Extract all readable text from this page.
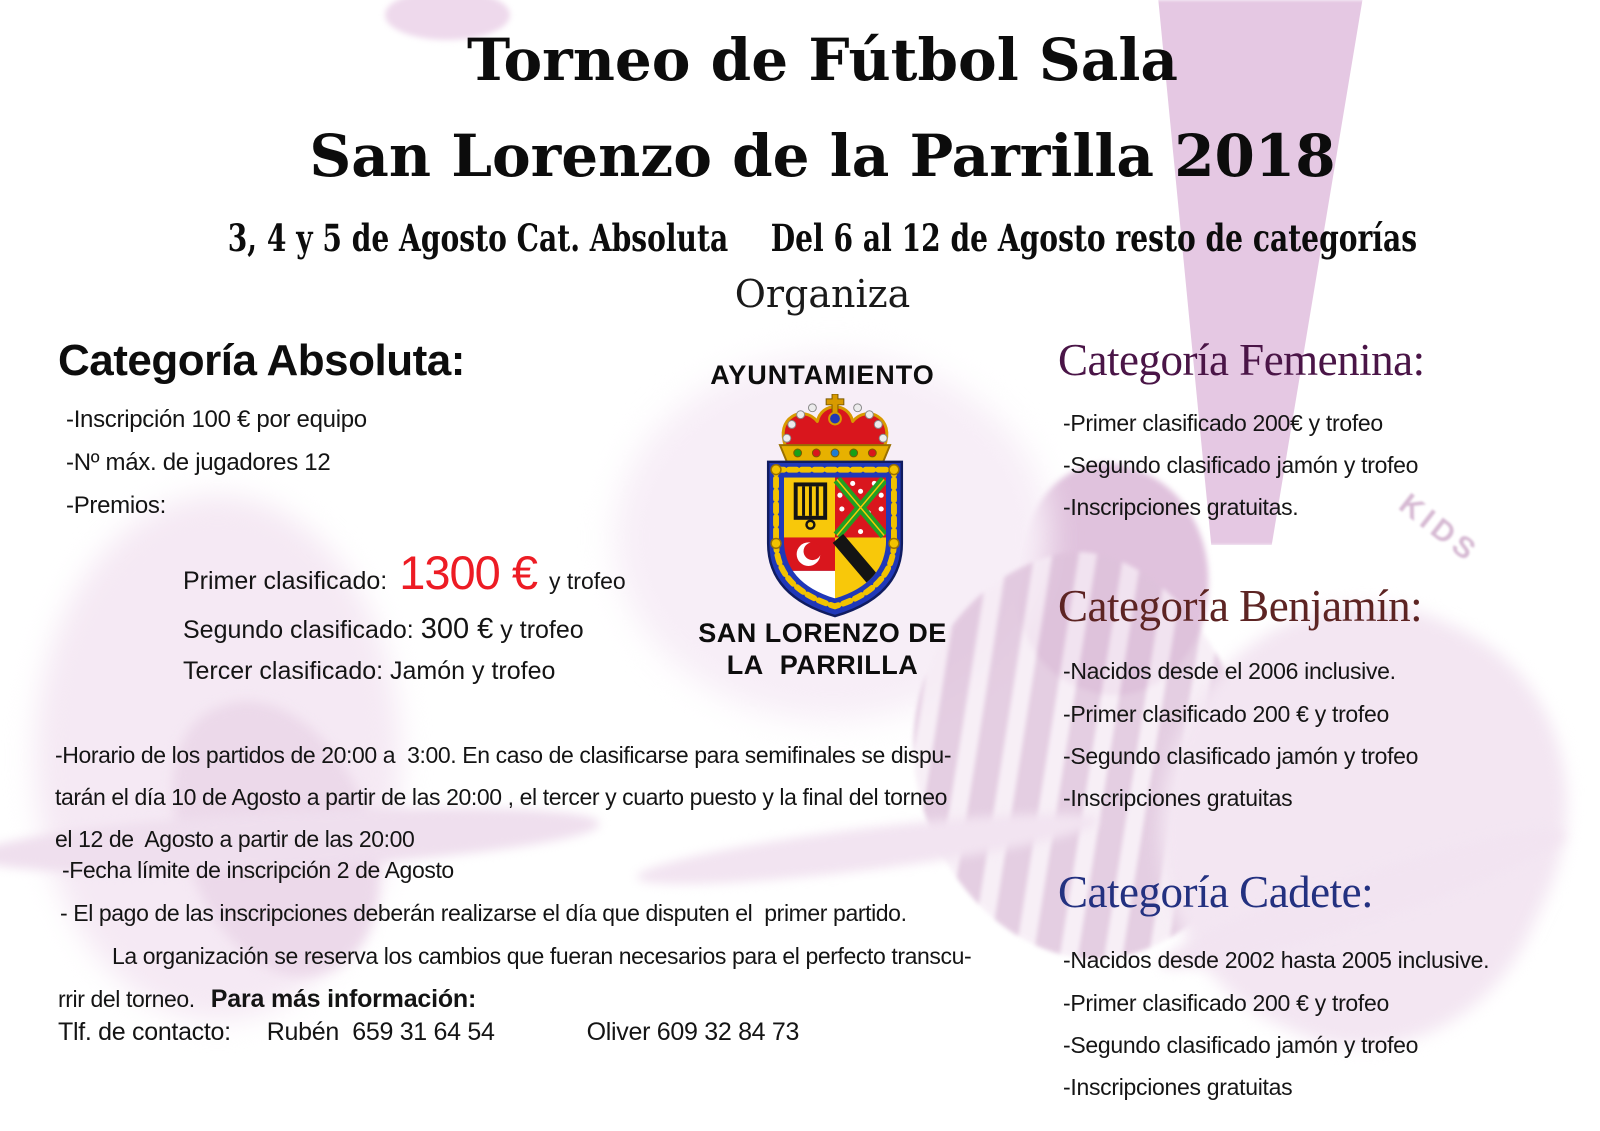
KIDS
Torneo de Fútbol Sala
San Lorenzo de la Parrilla 2018
3, 4 y 5 de Agosto Cat. Absoluta Del 6 al 12 de Agosto resto de categorías
Organiza
AYUNTAMIENTO
SAN LORENZO DE
LA  PARRILLA
Categoría Absoluta:
-Inscripción 100 € por equipo
-Nº máx. de jugadores 12
-Premios:
Primer clasificado: 1300 € y trofeo
Segundo clasificado: 300 € y trofeo
Tercer clasificado: Jamón y trofeo
-Horario de los partidos de 20:00 a  3:00. En caso de clasificarse para semifinales se dispu-
tarán el día 10 de Agosto a partir de las 20:00 , el tercer y cuarto puesto y la final del torneo
el 12 de  Agosto a partir de las 20:00
-Fecha límite de inscripción 2 de Agosto
- El pago de las inscripciones deberán realizarse el día que disputen el  primer partido.
La organización se reserva los cambios que fueran necesarios para el perfecto transcu-
rrir del torneo. Para más información:
Tlf. de contacto: Rubén  659 31 64 54	Oliver 609 32 84 73
Categoría Femenina:
-Primer clasificado 200€ y trofeo
-Segundo clasificado jamón y trofeo
-Inscripciones gratuitas.
Categoría Benjamín:
-Nacidos desde el 2006 inclusive.
-Primer clasificado 200 € y trofeo
-Segundo clasificado jamón y trofeo
-Inscripciones gratuitas
Categoría Cadete:
-Nacidos desde 2002 hasta 2005 inclusive.
-Primer clasificado 200 € y trofeo
-Segundo clasificado jamón y trofeo
-Inscripciones gratuitas
